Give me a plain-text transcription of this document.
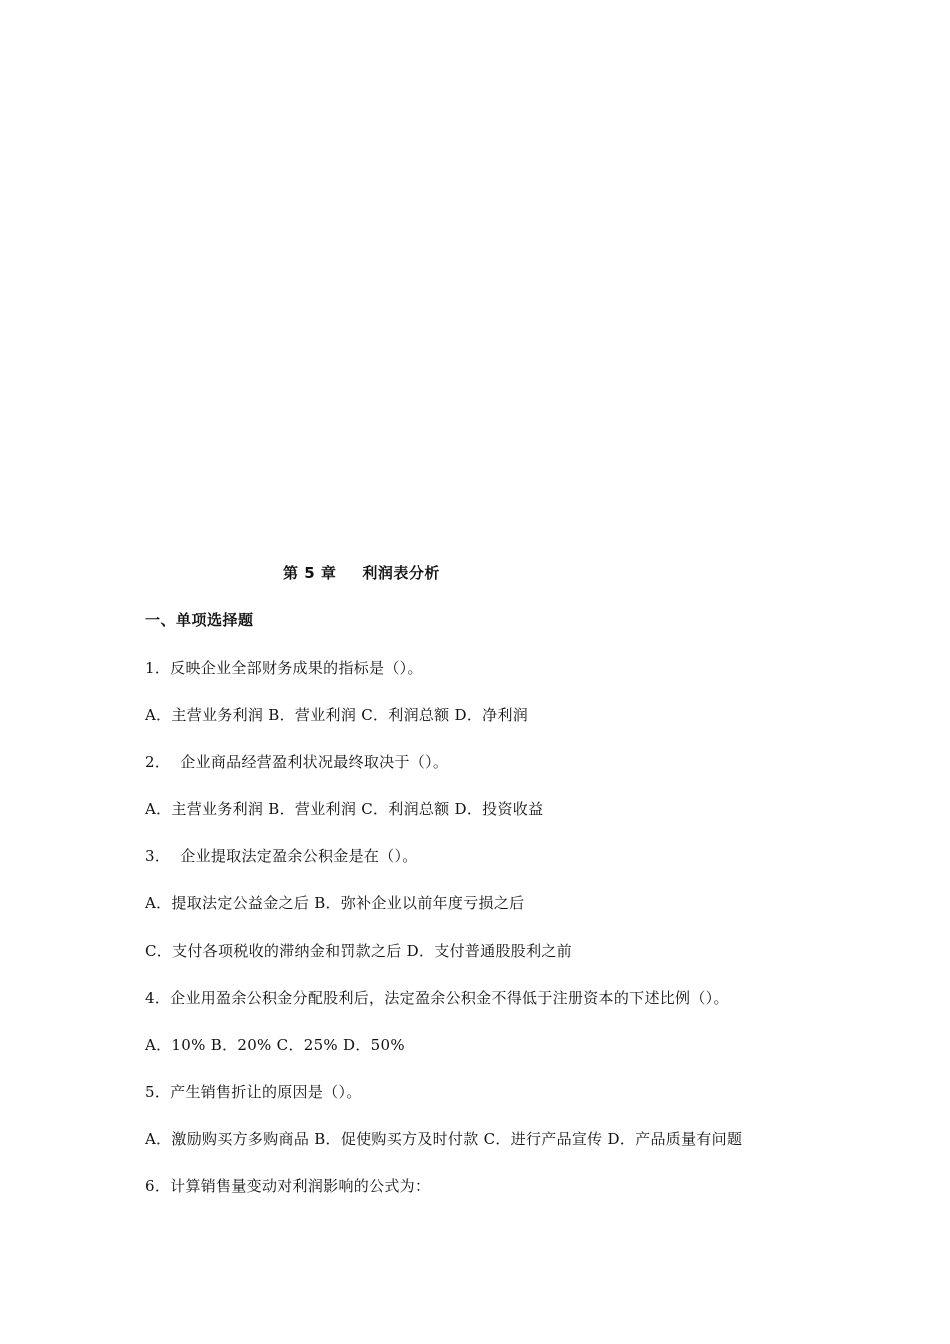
第 5 章 利润表分析
一、单项选择题
1．反映企业全部财务成果的指标是（）。
A．主营业务利润 B．营业利润 C．利润总额 D．净利润
2．  企业商品经营盈利状况最终取决于（）。
A．主营业务利润 B．营业利润 C．利润总额 D．投资收益
3．  企业提取法定盈余公积金是在（）。
A．提取法定公益金之后 B．弥补企业以前年度亏损之后
C．支付各项税收的滞纳金和罚款之后 D．支付普通股股利之前
4．企业用盈余公积金分配股利后，法定盈余公积金不得低于注册资本的下述比例（）。
A．10% B．20% C．25% D．50%
5．产生销售折让的原因是（）。
A．激励购买方多购商品 B．促使购买方及时付款 C．进行产品宣传 D．产品质量有问题
6．计算销售量变动对利润影响的公式为：
